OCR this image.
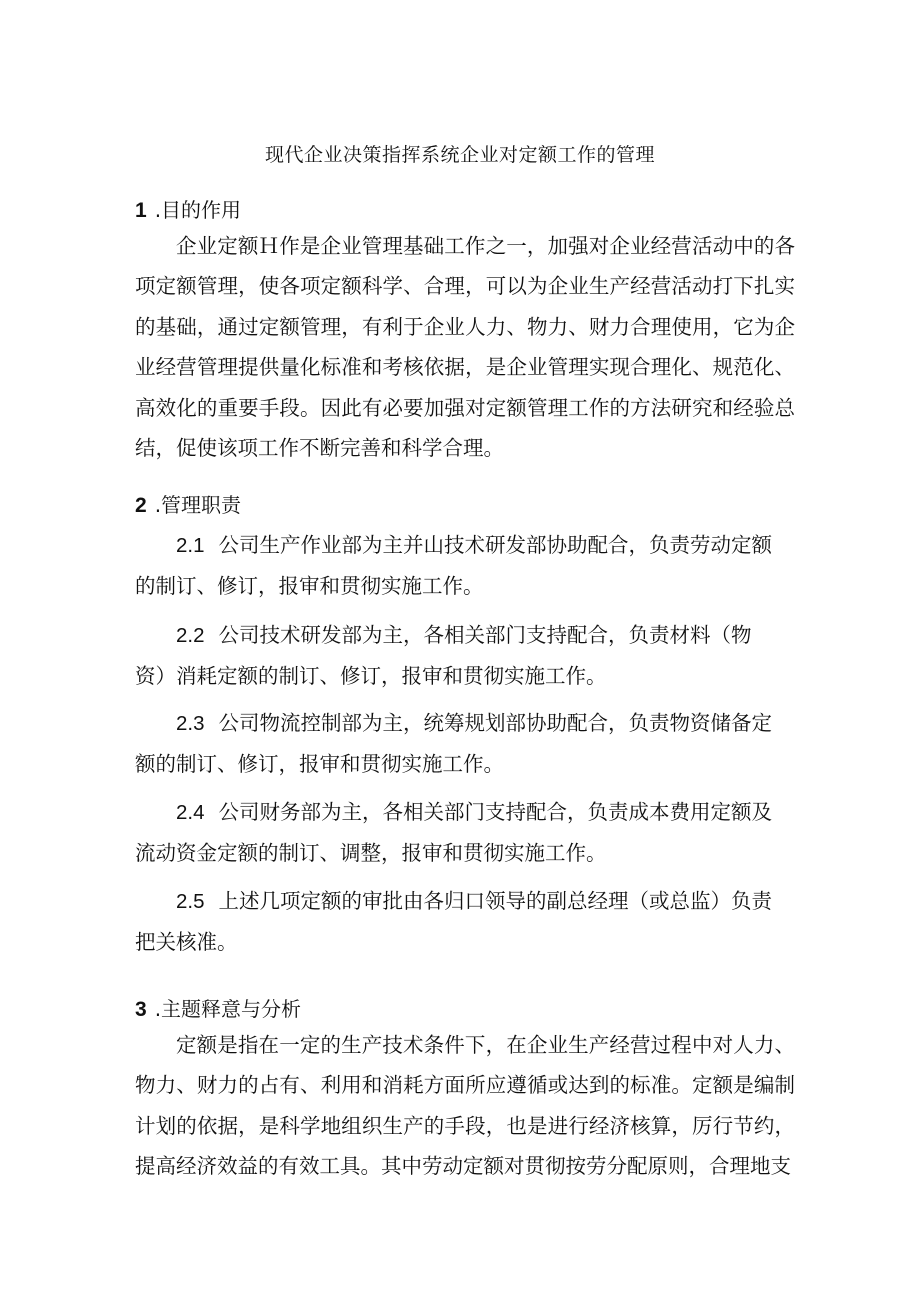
现代企业决策指挥系统企业对定额工作的管理
1 .目的作用
企业定额Ｈ作是企业管理基础工作之一，加强对企业经营活动中的各项定额管理，使各项定额科学、合理，可以为企业生产经营活动打下扎实的基础，通过定额管理，有利于企业人力、物力、财力合理使用，它为企业经营管理提供量化标准和考核依据，是企业管理实现合理化、规范化、高效化的重要手段。因此有必要加强对定额管理工作的方法研究和经验总结，促使该项工作不断完善和科学合理。
2 .管理职责
2.1 公司生产作业部为主并山技术研发部协助配合，负责劳动定额的制订、修订，报审和贯彻实施工作。
2.2 公司技术研发部为主，各相关部门支持配合，负责材料（物资）消耗定额的制订、修订，报审和贯彻实施工作。
2.3 公司物流控制部为主，统筹规划部协助配合，负责物资储备定额的制订、修订，报审和贯彻实施工作。
2.4 公司财务部为主，各相关部门支持配合，负责成本费用定额及流动资金定额的制订、调整，报审和贯彻实施工作。
2.5 上述几项定额的审批由各归口领导的副总经理（或总监）负责把关核准。
3 .主题释意与分析
定额是指在一定的生产技术条件下，在企业生产经营过程中对人力、物力、财力的占有、利用和消耗方面所应遵循或达到的标准。定额是编制计划的依据，是科学地组织生产的手段，也是进行经济核算，厉行节约，提高经济效益的有效工具。其中劳动定额对贯彻按劳分配原则，合理地支
